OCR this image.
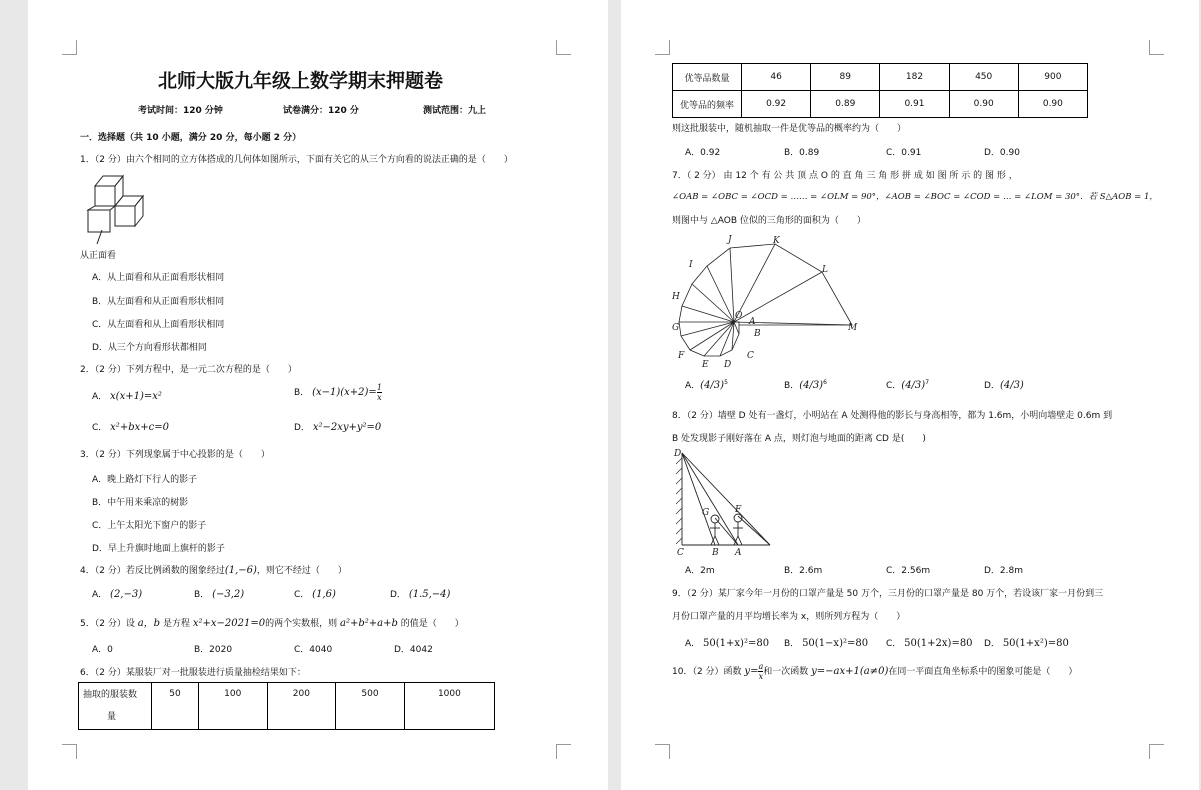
北师大版九年级上数学期末押题卷
考试时间：120 分钟	试卷满分：120 分	测试范围：九上
一．选择题（共 10 小题，满分 20 分，每小题 2 分）
1．（2 分）由六个相同的立方体搭成的几何体如图所示，下面有关它的从三个方向看的说法正确的是（　　）
从正面看
A．从上面看和从正面看形状相同
B．从左面看和从正面看形状相同
C．从左面看和从上面看形状相同
D．从三个方向看形状都相同
2．（2 分）下列方程中，是一元二次方程的是（　　）
A． x(x+1)=x²	B． $(x-1)(x+2)= \frac{1}{x}$
C． x²+bx+c=0	D． x²−2xy+y²=0
3．（2 分）下列现象属于中心投影的是（　　）
A．晚上路灯下行人的影子
B．中午用来乘凉的树影
C．上午太阳光下窗户的影子
D．早上升旗时地面上旗杆的影子
4．（2 分）若反比例函数的图象经过(1,−6)，则它不经过（　　）
A． (2,−3)	B． (−3,2)	C． (1,6)	D． (1.5,−4)
5．（2 分）设 a，b 是方程 x²+x−2021=0的两个实数根，则 a²+b²+a+b 的值是（　　）
A．0	B．2020	C．4040	D．4042
6．（2 分）某服装厂对一批服装进行质量抽检结果如下：
抽取的服装数
量	50	100	200	500	1000
优等品数量	46	89	182	450	900
优等品的频率	0.92	0.89	0.91	0.90	0.90
则这批服装中，随机抽取一件是优等品的概率约为（　　）
A．0.92	B．0.89	C．0.91	D．0.90
7．（ 2 分） 由 12 个 有 公 共 顶 点 O 的 直 角 三 角 形 拼 成 如 图 所 示 的 图 形 ，
∠OAB = ∠OBC = ∠OCD = …… = ∠OLM = 90°，∠AOB = ∠BOC = ∠COD = … = ∠LOM = 30°．若 S△AOB = 1，
则图中与 △AOB 位似的三角形的面积为（　　）
J	K
I	L
H
O
A
M
B
G
F	C
E D
A．$(4/3)^5$	B．$(4/3)^6$	C．$(4/3)^7$	D．(4/3)
8．（2 分）墙壁 D 处有一盏灯，小明站在 A 处测得他的影长与身高相等，都为 1.6m，小明向墙壁走 0.6m 到
B 处发现影子刚好落在 A 点，则灯泡与地面的距离 CD 是(　　)
D
G	F
C	B A
A．2m	B．2.6m	C．2.56m	D．2.8m
9．（2 分）某厂家今年一月份的口罩产量是 50 万个，三月份的口罩产量是 80 万个，若设该厂家一月份到三
月份口罩产量的月平均增长率为 x，则所列方程为（　　）
A． 50(1+x)²=80 B． 50(1−x)²=80 C． 50(1+2x)=80 D． 50(1+x²)=80
10．（2 分）函数 $y= \frac{a}{x}$ 和一次函数 y=−ax+1(a≠0)在同一平面直角坐标系中的图象可能是（　　）
